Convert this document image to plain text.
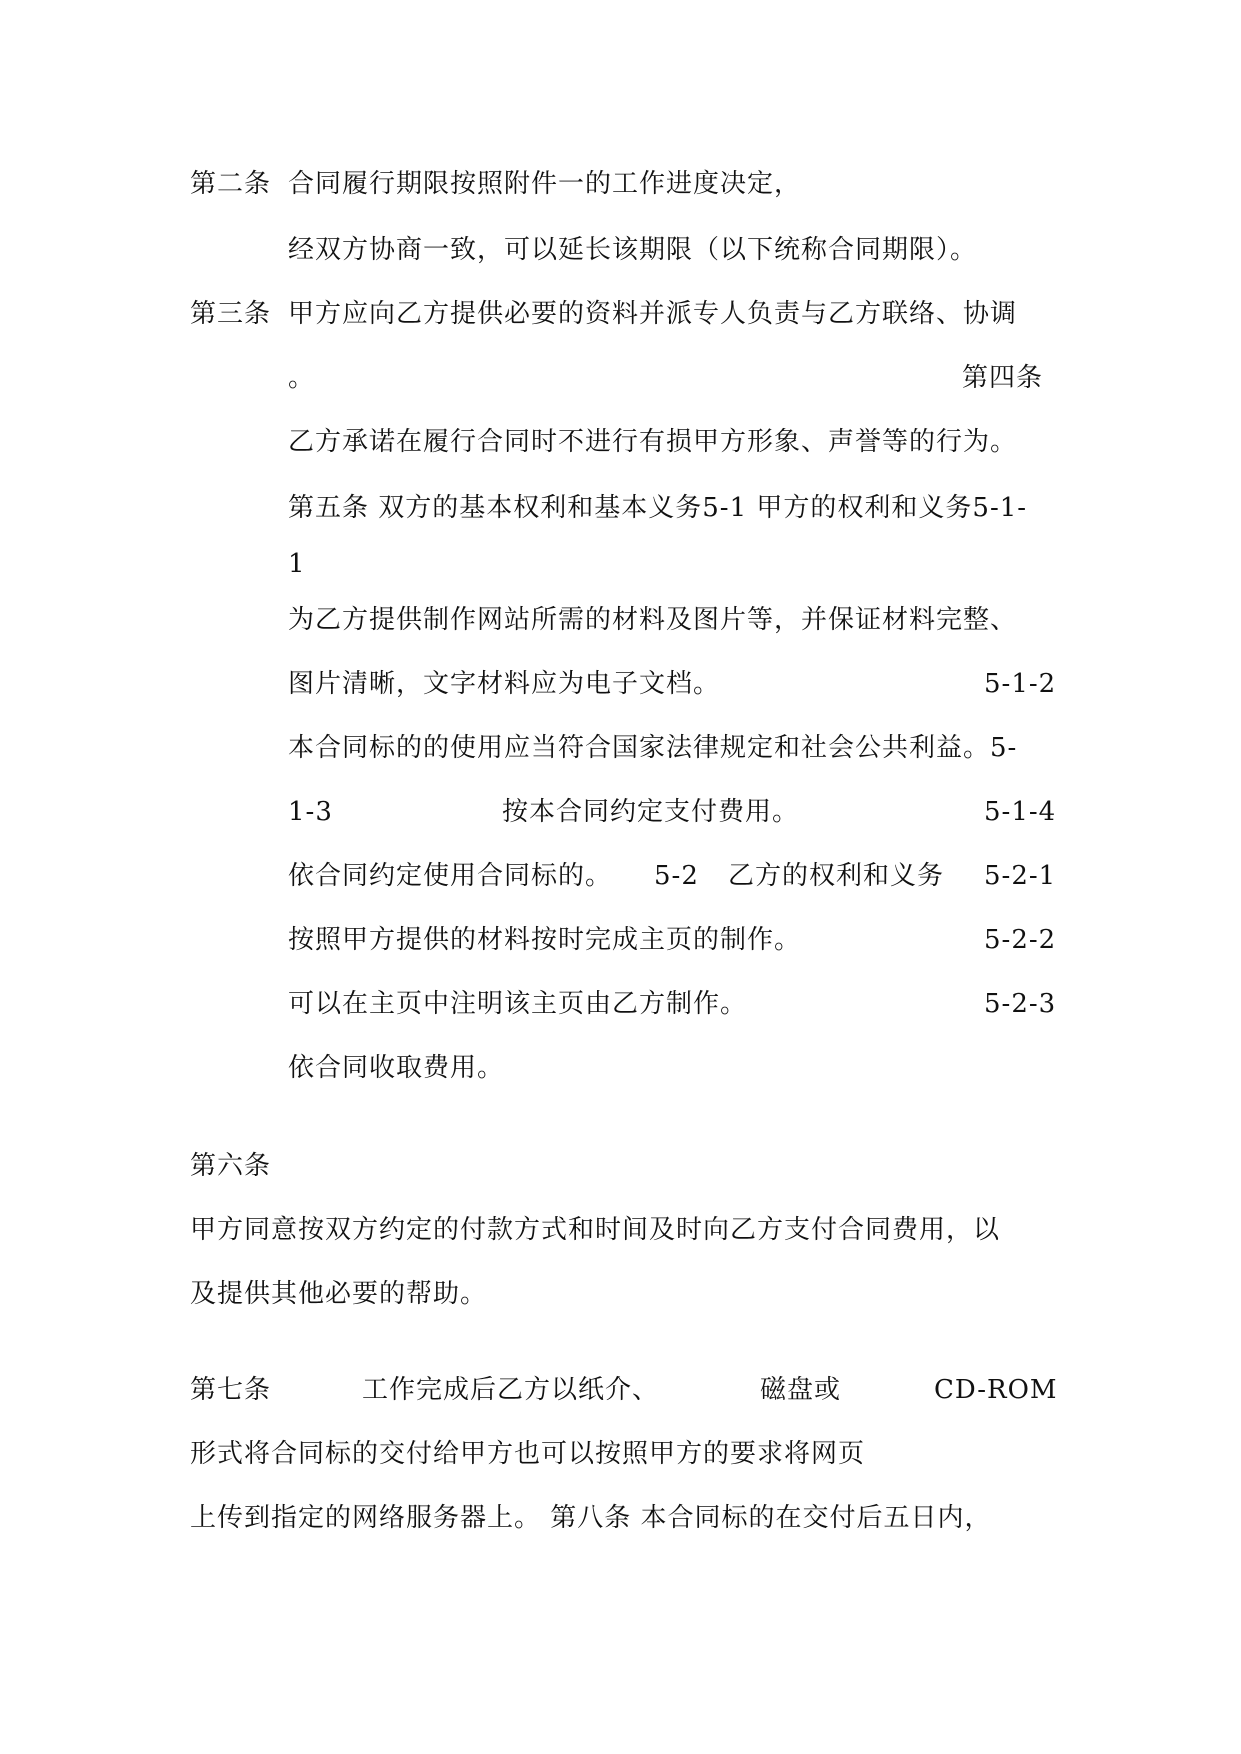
第二条 合同履行期限按照附件一的工作进度决定，
经双方协商一致，可以延长该期限（以下统称合同期限）。
第三条 甲方应向乙方提供必要的资料并派专人负责与乙方联络、协调
。	第四条
乙方承诺在履行合同时不进行有损甲方形象、声誉等的行为。
第五条 双方的基本权利和基本义务5-1 甲方的权利和义务5-1-
1
为乙方提供制作网站所需的材料及图片等，并保证材料完整、
图片清晰，文字材料应为电子文档。	5-1-2
本合同标的的使用应当符合国家法律规定和社会公共利益。5-
1-3	按本合同约定支付费用。	5-1-4
依合同约定使用合同标的。 5-2 乙方的权利和义务 5-2-1
按照甲方提供的材料按时完成主页的制作。	5-2-2
可以在主页中注明该主页由乙方制作。	5-2-3
依合同收取费用。
第六条
甲方同意按双方约定的付款方式和时间及时向乙方支付合同费用，以
及提供其他必要的帮助。
第七条	工作完成后乙方以纸介、	磁盘或	CD-ROM
形式将合同标的交付给甲方也可以按照甲方的要求将网页
上传到指定的网络服务器上。 第八条 本合同标的在交付后五日内，
